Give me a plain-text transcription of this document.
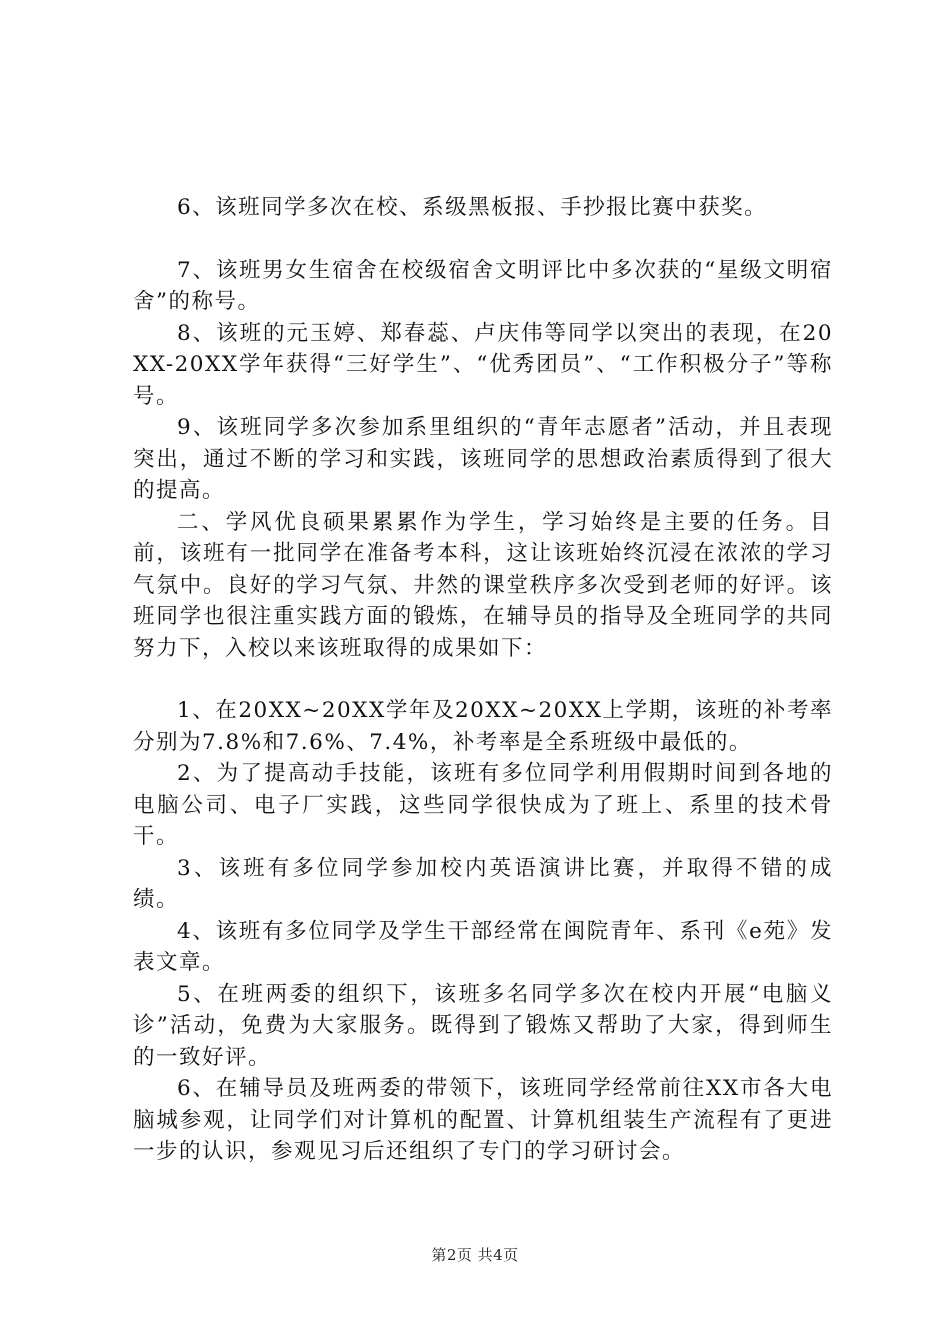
6、该班同学多次在校、系级黑板报、手抄报比赛中获奖。

7、该班男女生宿舍在校级宿舍文明评比中多次获的“星级文明宿舍”的称号。

8、该班的元玉婷、郑春蕊、卢庆伟等同学以突出的表现，在20XX-20XX学年获得“三好学生”、“优秀团员”、“工作积极分子”等称号。

9、该班同学多次参加系里组织的“青年志愿者”活动，并且表现突出，通过不断的学习和实践，该班同学的思想政治素质得到了很大的提高。

二、学风优良硕果累累作为学生，学习始终是主要的任务。目前，该班有一批同学在准备考本科，这让该班始终沉浸在浓浓的学习气氛中。良好的学习气氛、井然的课堂秩序多次受到老师的好评。该班同学也很注重实践方面的锻炼，在辅导员的指导及全班同学的共同努力下，入校以来该班取得的成果如下：

1、在20XX~20XX学年及20XX~20XX上学期，该班的补考率分别为7.8%和7.6%、7.4%，补考率是全系班级中最低的。

2、为了提高动手技能，该班有多位同学利用假期时间到各地的电脑公司、电子厂实践，这些同学很快成为了班上、系里的技术骨干。

3、该班有多位同学参加校内英语演讲比赛，并取得不错的成绩。

4、该班有多位同学及学生干部经常在闽院青年、系刊《e苑》发表文章。

5、在班两委的组织下，该班多名同学多次在校内开展“电脑义诊”活动，免费为大家服务。既得到了锻炼又帮助了大家，得到师生的一致好评。

6、在辅导员及班两委的带领下，该班同学经常前往XX市各大电脑城参观，让同学们对计算机的配置、计算机组装生产流程有了更进一步的认识，参观见习后还组织了专门的学习研讨会。

第2页 共4页
